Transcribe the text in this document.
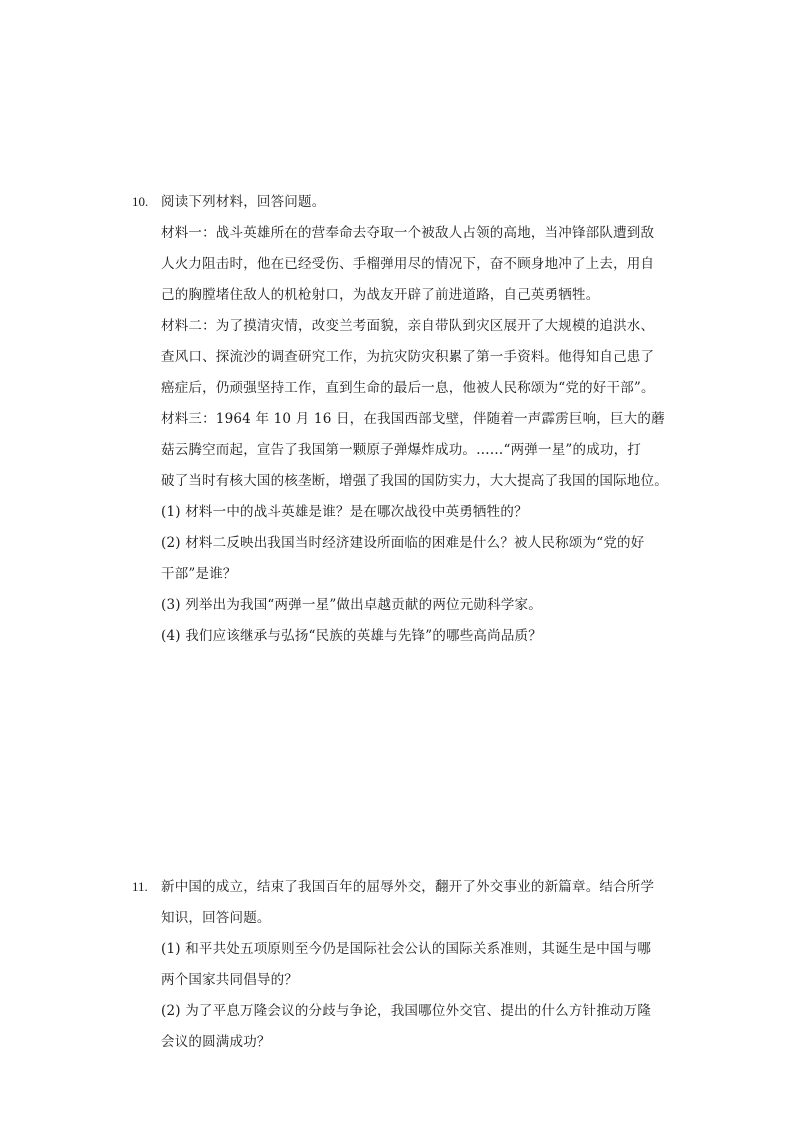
10. 阅读下列材料，回答问题。
材料一：战斗英雄所在的营奉命去夺取一个被敌人占领的高地，当冲锋部队遭到敌
人火力阻击时，他在已经受伤、手榴弹用尽的情况下，奋不顾身地冲了上去，用自
己的胸膛堵住敌人的机枪射口，为战友开辟了前进道路，自己英勇牺牲。
材料二：为了摸清灾情，改变兰考面貌，亲自带队到灾区展开了大规模的追洪水、
查风口、探流沙的调查研究工作，为抗灾防灾积累了第一手资料。他得知自己患了
癌症后，仍顽强坚持工作，直到生命的最后一息，他被人民称颂为“党的好干部”。
材料三：1964 年 10 月 16 日，在我国西部戈壁，伴随着一声霹雳巨响，巨大的蘑
菇云腾空而起，宣告了我国第一颗原子弹爆炸成功。……“两弹一星”的成功，打
破了当时有核大国的核垄断，增强了我国的国防实力，大大提高了我国的国际地位。
(1) 材料一中的战斗英雄是谁？是在哪次战役中英勇牺牲的？
(2) 材料二反映出我国当时经济建设所面临的困难是什么？被人民称颂为“党的好
干部”是谁？
(3) 列举出为我国“两弹一星”做出卓越贡献的两位元勋科学家。
(4) 我们应该继承与弘扬“民族的英雄与先锋”的哪些高尚品质？
11. 新中国的成立，结束了我国百年的屈辱外交，翻开了外交事业的新篇章。结合所学
知识，回答问题。
(1) 和平共处五项原则至今仍是国际社会公认的国际关系准则，其诞生是中国与哪
两个国家共同倡导的？
(2) 为了平息万隆会议的分歧与争论，我国哪位外交官、提出的什么方针推动万隆
会议的圆满成功？
